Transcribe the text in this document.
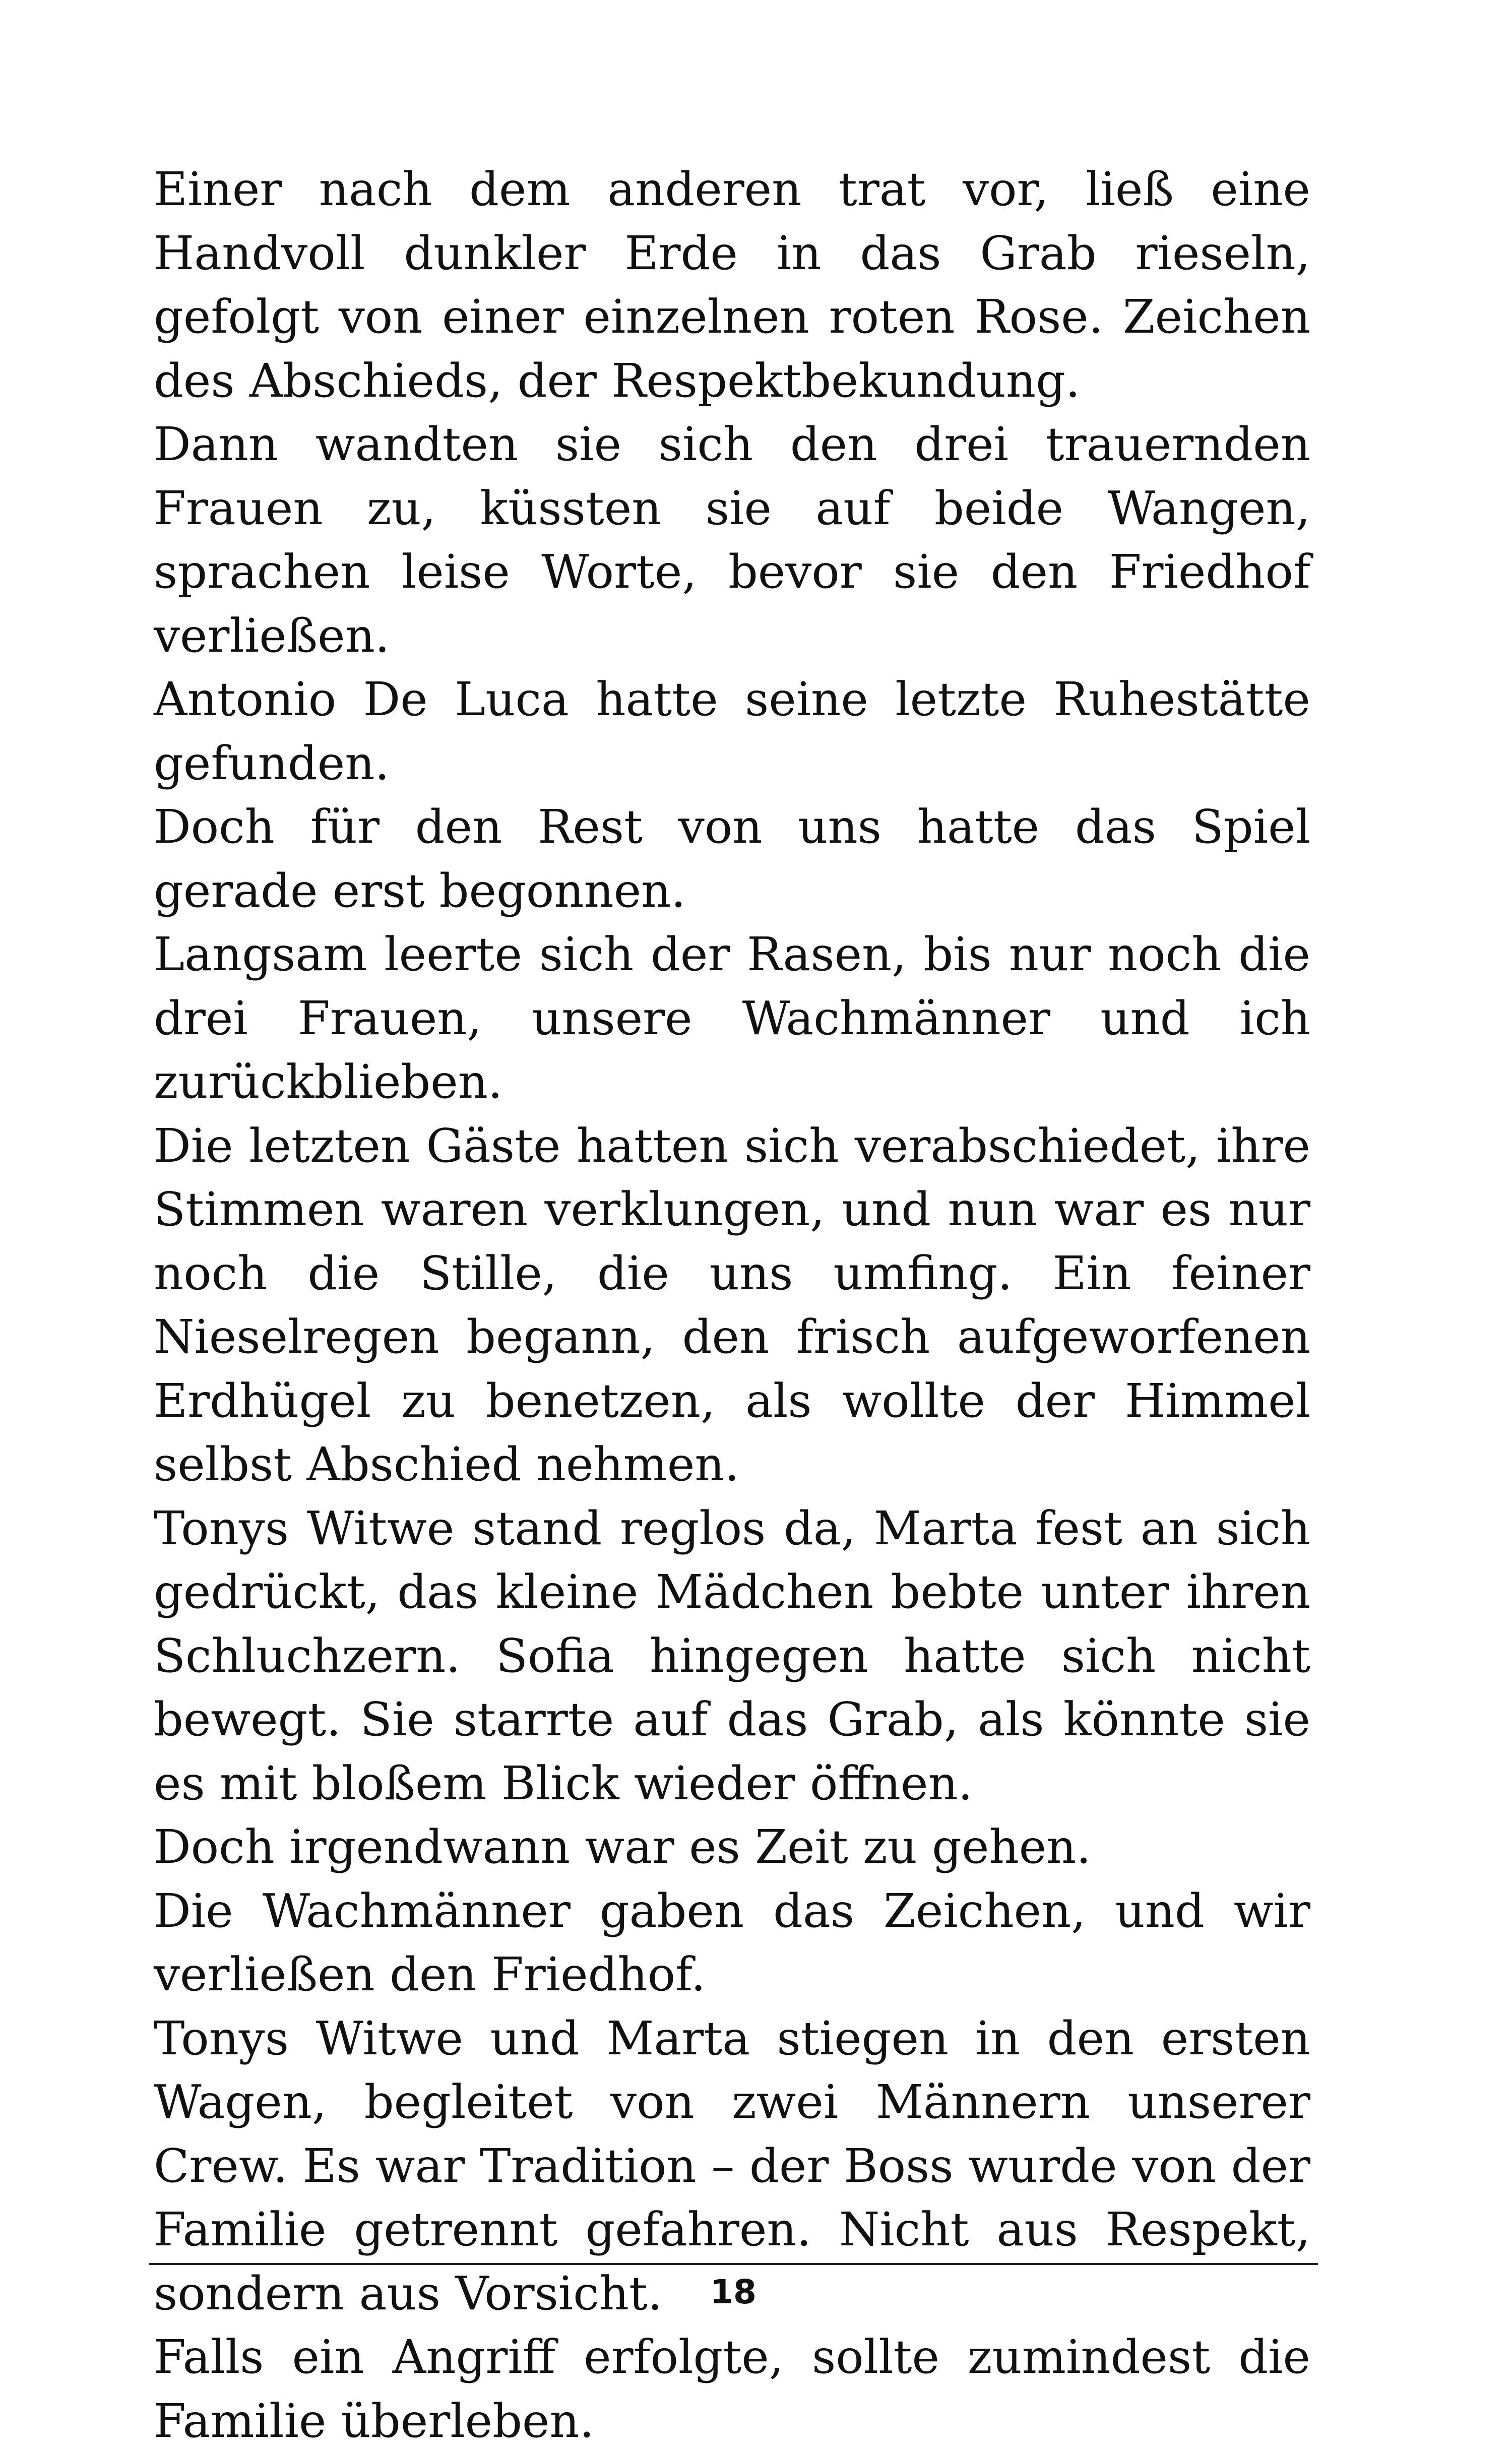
Einer nach dem anderen trat vor, ließ eine Handvoll dunkler Erde in das Grab rieseln, gefolgt von einer einzelnen roten Rose. Zeichen des Abschieds, der Respektbekundung.

Dann wandten sie sich den drei trauernden Frauen zu, küssten sie auf beide Wangen, sprachen leise Worte, bevor sie den Friedhof verließen.

Antonio De Luca hatte seine letzte Ruhestätte gefunden.

Doch für den Rest von uns hatte das Spiel gerade erst begonnen.

Langsam leerte sich der Rasen, bis nur noch die drei Frauen, unsere Wachmänner und ich zurückblieben.

Die letzten Gäste hatten sich verabschiedet, ihre Stimmen waren verklungen, und nun war es nur noch die Stille, die uns umfing. Ein feiner Nieselregen begann, den frisch aufgeworfenen Erdhügel zu benetzen, als wollte der Himmel selbst Abschied nehmen.

Tonys Witwe stand reglos da, Marta fest an sich gedrückt, das kleine Mädchen bebte unter ihren Schluchzern. Sofia hingegen hatte sich nicht bewegt. Sie starrte auf das Grab, als könnte sie es mit bloßem Blick wieder öffnen.

Doch irgendwann war es Zeit zu gehen.

Die Wachmänner gaben das Zeichen, und wir verließen den Friedhof.

Tonys Witwe und Marta stiegen in den ersten Wagen, begleitet von zwei Männern unserer Crew. Es war Tradition – der Boss wurde von der Familie getrennt gefahren. Nicht aus Respekt, sondern aus Vorsicht.

Falls ein Angriff erfolgte, sollte zumindest die Familie überleben.

18
